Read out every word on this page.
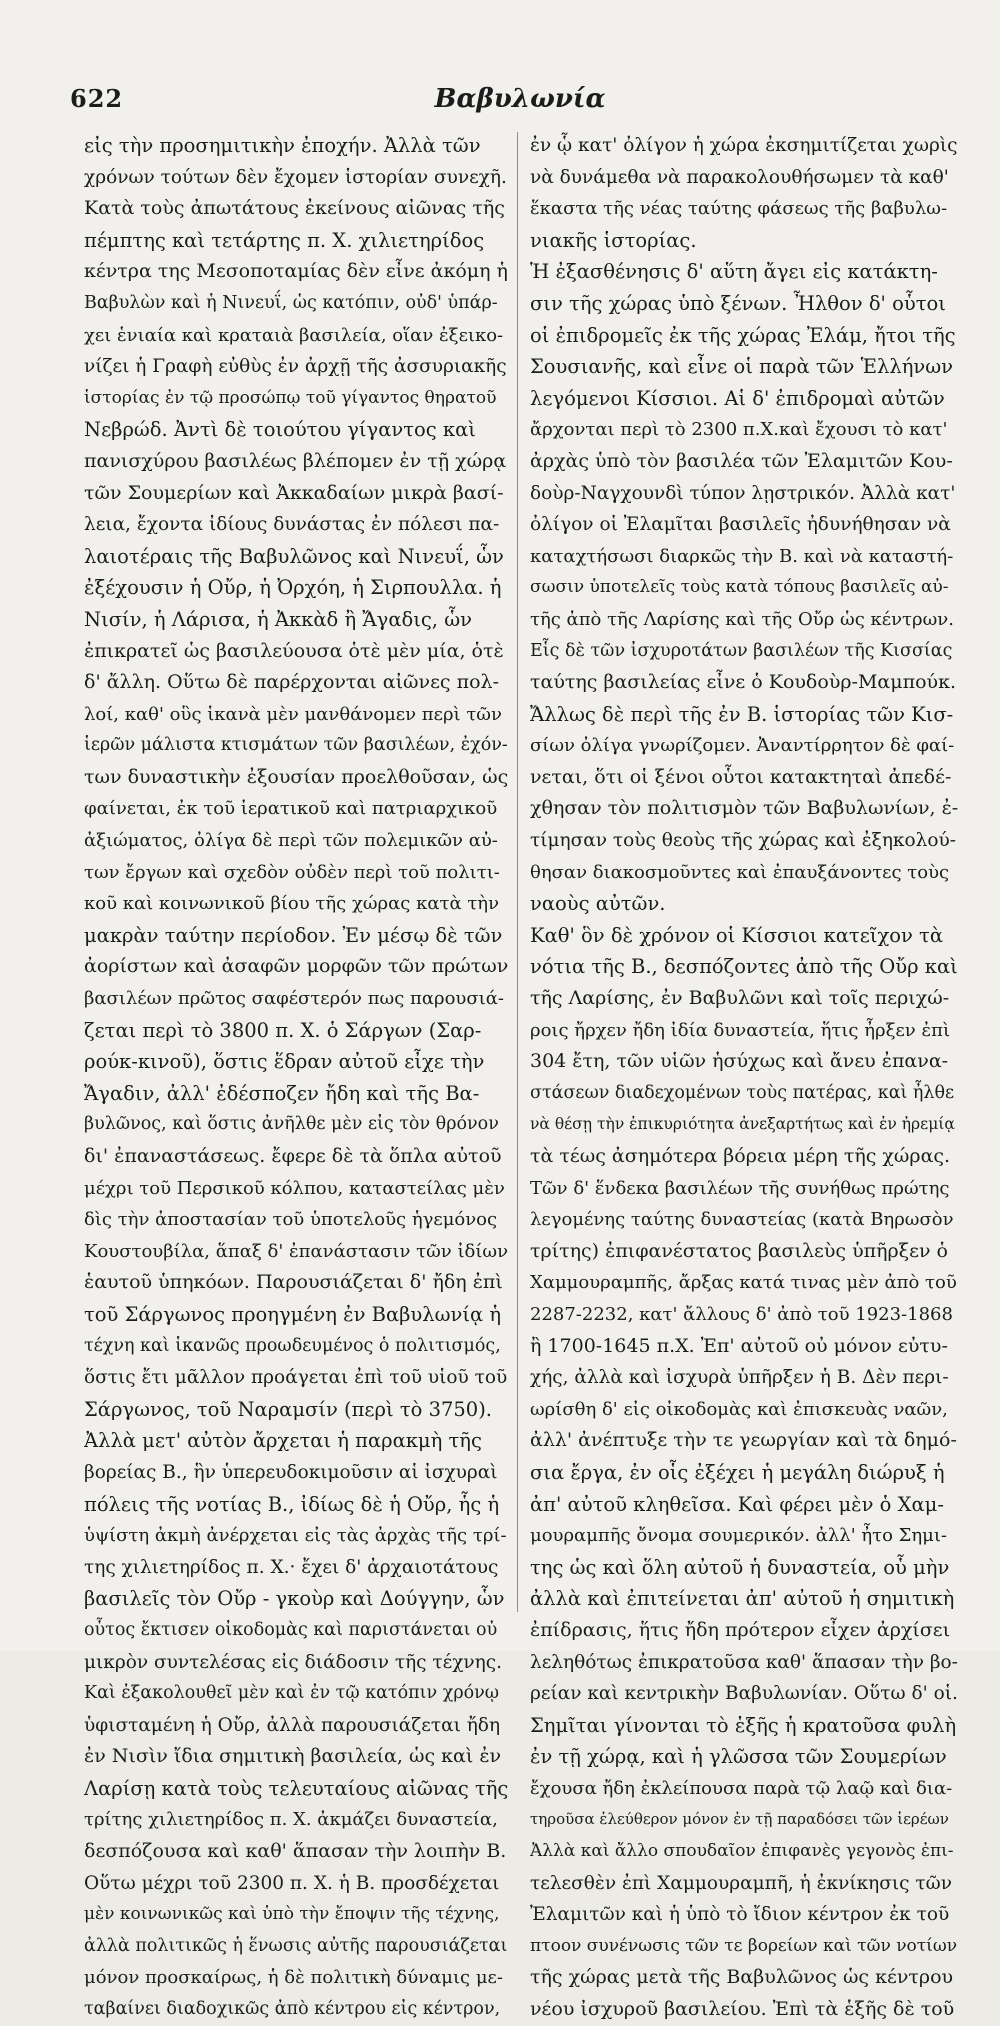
622	Βαβυλωνία
εἰς τὴν προσημιτικὴν ἐποχήν. Ἀλλὰ τῶν
χρόνων τούτων δὲν ἔχομεν ἱστορίαν συνεχῆ.
Κατὰ τοὺς ἀπωτάτους ἐκείνους αἰῶνας τῆς
πέμπτης καὶ τετάρτης π. Χ. χιλιετηρίδος
κέντρα της Μεσοποταμίας δὲν εἶνε ἀκόμη ἡ
Βαβυλὼν καὶ ἡ Νινευΐ, ὡς κατόπιν, οὐδ' ὑπάρ-
χει ἑνιαία καὶ κραταιὰ βασιλεία, οἵαν ἐξεικο-
νίζει ἡ Γραφὴ εὐθὺς ἐν ἀρχῇ τῆς ἀσσυριακῆς
ἱστορίας ἐν τῷ προσώπῳ τοῦ γίγαντος θηρατοῦ
Νεβρώδ. Ἀντὶ δὲ τοιούτου γίγαντος καὶ
πανισχύρου βασιλέως βλέπομεν ἐν τῇ χώρᾳ
τῶν Σουμερίων καὶ Ἀκκαδαίων μικρὰ βασί-
λεια, ἔχοντα ἰδίους δυνάστας ἐν πόλεσι πα-
λαιοτέραις τῆς Βαβυλῶνος καὶ Νινευΐ, ὧν
ἐξέχουσιν ἡ Οὔρ, ἡ Ὀρχόη, ἡ Σιρπουλλα. ἡ
Νισίν, ἡ Λάρισα, ἡ Ἀκκὰδ ἢ Ἄγαδις, ὧν
ἐπικρατεῖ ὡς βασιλεύουσα ὁτὲ μὲν μία, ὁτὲ
δ' ἄλλη. Οὕτω δὲ παρέρχονται αἰῶνες πολ-
λοί, καθ' οὓς ἱκανὰ μὲν μανθάνομεν περὶ τῶν
ἱερῶν μάλιστα κτισμάτων τῶν βασιλέων, ἐχόν-
των δυναστικὴν ἐξουσίαν προελθοῦσαν, ὡς
φαίνεται, ἐκ τοῦ ἱερατικοῦ καὶ πατριαρχικοῦ
ἀξιώματος, ὀλίγα δὲ περὶ τῶν πολεμικῶν αὐ-
των ἔργων καὶ σχεδὸν οὐδὲν περὶ τοῦ πολιτι-
κοῦ καὶ κοινωνικοῦ βίου τῆς χώρας κατὰ τὴν
μακρὰν ταύτην περίοδον. Ἐν μέσῳ δὲ τῶν
ἀορίστων καὶ ἀσαφῶν μορφῶν τῶν πρώτων
βασιλέων πρῶτος σαφέστερόν πως παρουσιά-
ζεται περὶ τὸ 3800 π. Χ. ὁ Σάργων (Σαρ-
ρούκ-κινοῦ), ὅστις ἕδραν αὐτοῦ εἶχε τὴν
Ἄγαδιν, ἀλλ' ἐδέσποζεν ἤδη καὶ τῆς Βα-
βυλῶνος, καὶ ὅστις ἀνῆλθε μὲν εἰς τὸν θρόνον
δι' ἐπαναστάσεως. ἔφερε δὲ τὰ ὅπλα αὐτοῦ
μέχρι τοῦ Περσικοῦ κόλπου, καταστείλας μὲν
δὶς τὴν ἀποστασίαν τοῦ ὑποτελοῦς ἡγεμόνος
Κουστουβίλα, ἅπαξ δ' ἐπανάστασιν τῶν ἰδίων
ἑαυτοῦ ὑπηκόων. Παρουσιάζεται δ' ἤδη ἐπὶ
τοῦ Σάργωνος προηγμένη ἐν Βαβυλωνίᾳ ἡ
τέχνη καὶ ἱκανῶς προωδευμένος ὁ πολιτισμός,
ὅστις ἔτι μᾶλλον προάγεται ἐπὶ τοῦ υἱοῦ τοῦ
Σάργωνος, τοῦ Ναραμσίν (περὶ τὸ 3750).
Ἀλλὰ μετ' αὐτὸν ἄρχεται ἡ παρακμὴ τῆς
βορείας Β., ἣν ὑπερευδοκιμοῦσιν αἱ ἰσχυραὶ
πόλεις τῆς νοτίας Β., ἰδίως δὲ ἡ Οὔρ, ἧς ἡ
ὑψίστη ἀκμὴ ἀνέρχεται εἰς τὰς ἀρχὰς τῆς τρί-
της χιλιετηρίδος π. Χ.· ἔχει δ' ἀρχαιοτάτους
βασιλεῖς τὸν Οὔρ - γκοὺρ καὶ Δούγγην, ὧν
οὗτος ἔκτισεν οἰκοδομὰς καὶ παριστάνεται οὐ
μικρὸν συντελέσας εἰς διάδοσιν τῆς τέχνης.
Καὶ ἐξακολουθεῖ μὲν καὶ ἐν τῷ κατόπιν χρόνῳ
ὑφισταμένη ἡ Οὔρ, ἀλλὰ παρουσιάζεται ἤδη
ἐν Νισὶν ἴδια σημιτικὴ βασιλεία, ὡς καὶ ἐν
Λαρίσῃ κατὰ τοὺς τελευταίους αἰῶνας τῆς
τρίτης χιλιετηρίδος π. Χ. ἀκμάζει δυναστεία,
δεσπόζουσα καὶ καθ' ἅπασαν τὴν λοιπὴν Β.
Οὕτω μέχρι τοῦ 2300 π. Χ. ἡ Β. προσδέχεται
μὲν κοινωνικῶς καὶ ὑπὸ τὴν ἔποψιν τῆς τέχνης,
ἀλλὰ πολιτικῶς ἡ ἕνωσις αὐτῆς παρουσιάζεται
μόνον προσκαίρως, ἡ δὲ πολιτικὴ δύναμις με-
ταβαίνει διαδοχικῶς ἀπὸ κέντρου εἰς κέντρον,
ἐν ᾧ κατ' ὀλίγον ἡ χώρα ἐκσημιτίζεται χωρὶς
νὰ δυνάμεθα νὰ παρακολουθήσωμεν τὰ καθ'
ἕκαστα τῆς νέας ταύτης φάσεως τῆς βαβυλω-
νιακῆς ἱστορίας.
Ἡ ἐξασθένησις δ' αὕτη ἄγει εἰς κατάκτη-
σιν τῆς χώρας ὑπὸ ξένων. Ἦλθον δ' οὗτοι
οἱ ἐπιδρομεῖς ἐκ τῆς χώρας Ἐλάμ, ἤτοι τῆς
Σουσιανῆς, καὶ εἶνε οἱ παρὰ τῶν Ἑλλήνων
λεγόμενοι Κίσσιοι. Αἱ δ' ἐπιδρομαὶ αὐτῶν
ἄρχονται περὶ τὸ 2300 π.Χ.καὶ ἔχουσι τὸ κατ'
ἀρχὰς ὑπὸ τὸν βασιλέα τῶν Ἐλαμιτῶν Κου-
δοὺρ-Ναγχουνδὶ τύπον λῃστρικόν. Ἀλλὰ κατ'
ὀλίγον οἱ Ἐλαμῖται βασιλεῖς ἠδυνήθησαν νὰ
καταχτήσωσι διαρκῶς τὴν Β. καὶ νὰ καταστή-
σωσιν ὑποτελεῖς τοὺς κατὰ τόπους βασιλεῖς αὐ-
τῆς ἀπὸ τῆς Λαρίσης καὶ τῆς Οὔρ ὡς κέντρων.
Εἷς δὲ τῶν ἰσχυροτάτων βασιλέων τῆς Κισσίας
ταύτης βασιλείας εἶνε ὁ Κουδοὺρ-Μαμπούκ.
Ἄλλως δὲ περὶ τῆς ἐν Β. ἱστορίας τῶν Κισ-
σίων ὀλίγα γνωρίζομεν. Ἀναντίρρητον δὲ φαί-
νεται, ὅτι οἱ ξένοι οὗτοι κατακτηταὶ ἀπεδέ-
χθησαν τὸν πολιτισμὸν τῶν Βαβυλωνίων, ἐ-
τίμησαν τοὺς θεοὺς τῆς χώρας καὶ ἐξηκολού-
θησαν διακοσμοῦντες καὶ ἐπαυξάνοντες τοὺς
ναοὺς αὐτῶν.
Καθ' ὃν δὲ χρόνον οἱ Κίσσιοι κατεῖχον τὰ
νότια τῆς Β., δεσπόζοντες ἀπὸ τῆς Οὔρ καὶ
τῆς Λαρίσης, ἐν Βαβυλῶνι καὶ τοῖς περιχώ-
ροις ἤρχεν ἤδη ἰδία δυναστεία, ἥτις ἦρξεν ἐπὶ
304 ἔτη, τῶν υἱῶν ἡσύχως καὶ ἄνευ ἐπανα-
στάσεων διαδεχομένων τοὺς πατέρας, καὶ ἦλθε
νὰ θέσῃ τὴν ἐπικυριότητα ἀνεξαρτήτως καὶ ἐν ἠρεμίᾳ
τὰ τέως ἀσημότερα βόρεια μέρη τῆς χώρας.
Τῶν δ' ἕνδεκα βασιλέων τῆς συνήθως πρώτης
λεγομένης ταύτης δυναστείας (κατὰ Βηρωσὸν
τρίτης) ἐπιφανέστατος βασιλεὺς ὑπῆρξεν ὁ
Χαμμουραμπῆς, ἄρξας κατά τινας μὲν ἀπὸ τοῦ
2287-2232, κατ' ἄλλους δ' ἀπὸ τοῦ 1923-1868
ἢ 1700-1645 π.Χ. Ἐπ' αὐτοῦ οὐ μόνον εὐτυ-
χής, ἀλλὰ καὶ ἰσχυρὰ ὑπῆρξεν ἡ Β. Δὲν περι-
ωρίσθη δ' εἰς οἰκοδομὰς καὶ ἐπισκευὰς ναῶν,
ἀλλ' ἀνέπτυξε τὴν τε γεωργίαν καὶ τὰ δημό-
σια ἔργα, ἐν οἷς ἐξέχει ἡ μεγάλη διώρυξ ἡ
ἀπ' αὐτοῦ κληθεῖσα. Καὶ φέρει μὲν ὁ Χαμ-
μουραμπῆς ὄνομα σουμερικόν. ἀλλ' ἦτο Σημι-
της ὡς καὶ ὅλη αὐτοῦ ἡ δυναστεία, οὗ μὴν
ἀλλὰ καὶ ἐπιτείνεται ἀπ' αὐτοῦ ἡ σημιτικὴ
ἐπίδρασις, ἥτις ἤδη πρότερον εἶχεν ἀρχίσει
λεληθότως ἐπικρατοῦσα καθ' ἅπασαν τὴν βο-
ρείαν καὶ κεντρικὴν Βαβυλωνίαν. Οὕτω δ' οἱ.
Σημῖται γίνονται τὸ ἑξῆς ἡ κρατοῦσα φυλὴ
ἐν τῇ χώρᾳ, καὶ ἡ γλῶσσα τῶν Σουμερίων
ἔχουσα ἤδη ἐκλείπουσα παρὰ τῷ λαῷ καὶ δια-
τηροῦσα ἐλεύθερον μόνον ἐν τῇ παραδόσει τῶν ἱερέων
Ἀλλὰ καὶ ἄλλο σπουδαῖον ἐπιφανὲς γεγονὸς ἐπι-
τελεσθὲν ἐπὶ Χαμμουραμπῆ, ἡ ἐκνίκησις τῶν
Ἐλαμιτῶν καὶ ἡ ὑπὸ τὸ ἴδιον κέντρον ἐκ τοῦ
πτοον συνένωσις τῶν τε βορείων καὶ τῶν νοτίων
τῆς χώρας μετὰ τῆς Βαβυλῶνος ὡς κέντρου
νέου ἰσχυροῦ βασιλείου. Ἐπὶ τὰ ἑξῆς δὲ τοῦ
